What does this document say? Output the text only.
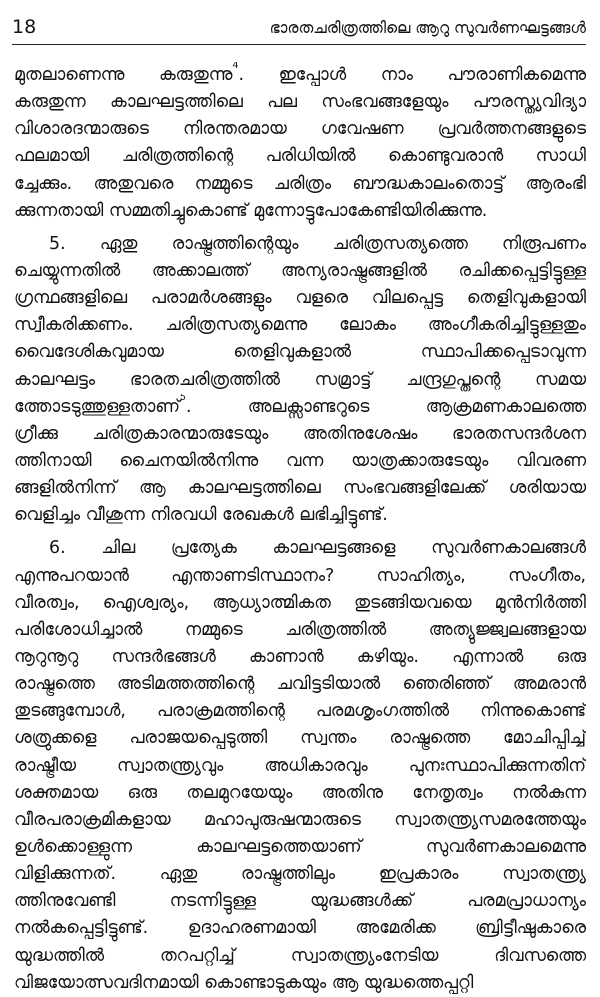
18	ഭാരതചരിത്രത്തിലെ ആറു സുവർണഘട്ടങ്ങൾ
മുതലാണെന്നു കരുതുന്നു$^4$. ഇപ്പോൾ നാം പൗരാണികമെന്നു
കരുതുന്ന കാലഘട്ടത്തിലെ പല സംഭവങ്ങളേയും പൗരസ്ത്യവിദ്യാ
വിശാരദന്മാരുടെ നിരന്തരമായ ഗവേഷണ പ്രവർത്തനങ്ങളുടെ
ഫലമായി ചരിത്രത്തിന്റെ പരിധിയിൽ കൊണ്ടുവരാൻ സാധി
ച്ചേക്കും. അതുവരെ നമ്മുടെ ചരിത്രം ബൗദ്ധകാലംതൊട്ട് ആരംഭി
ക്കുന്നതായി സമ്മതിച്ചുകൊണ്ട് മുന്നോട്ടുപോകേണ്ടിയിരിക്കുന്നു.
5. ഏതു രാഷ്ട്രത്തിന്റെയും ചരിത്രസത്യത്തെ നിരൂപണം
ചെയ്യുന്നതിൽ അക്കാലത്ത് അന്യരാഷ്ട്രങ്ങളിൽ രചിക്കപ്പെട്ടിട്ടുള്ള
ഗ്രന്ഥങ്ങളിലെ പരാമർശങ്ങളും വളരെ വിലപ്പെട്ട തെളിവുകളായി
സ്വീകരിക്കണം. ചരിത്രസത്യമെന്നു ലോകം അംഗീകരിച്ചിട്ടുള്ളതും
വൈദേശികവുമായ	തെളിവുകളാൽ	സ്ഥാപിക്കപ്പെടാവുന്ന
കാലഘട്ടം ഭാരതചരിത്രത്തിൽ സമ്രാട്ട് ചന്ദ്രഗുപ്തന്റെ സമയ
ത്തോടടുത്തുള്ളതാണ്$^5$.	അലക്സാണ്ടറുടെ	ആക്രമണകാലത്തെ
ഗ്രീക്കു ചരിത്രകാരന്മാരുടേയും അതിനുശേഷം ഭാരതസന്ദർശന
ത്തിനായി ചൈനയിൽനിന്നു വന്ന യാത്രക്കാരുടേയും വിവരണ
ങ്ങളിൽനിന്ന് ആ കാലഘട്ടത്തിലെ സംഭവങ്ങളിലേക്ക് ശരിയായ
വെളിച്ചം വീശുന്ന നിരവധി രേഖകൾ ലഭിച്ചിട്ടുണ്ട്.
6. ചില പ്രത്യേക കാലഘട്ടങ്ങളെ സുവർണകാലങ്ങൾ
എന്നുപറയാൻ എന്താണടിസ്ഥാനം? സാഹിത്യം, സംഗീതം,
വീരത്വം, ഐശ്വര്യം, ആധ്യാത്മികത തുടങ്ങിയവയെ മുൻനിർത്തി
പരിശോധിച്ചാൽ നമ്മുടെ ചരിത്രത്തിൽ അത്യുജ്ജ്വലങ്ങളായ
നൂറുനൂറു സന്ദർഭങ്ങൾ കാണാൻ കഴിയും. എന്നാൽ ഒരു
രാഷ്ട്രത്തെ അടിമത്തത്തിന്റെ ചവിട്ടടിയാൽ ഞെരിഞ്ഞ് അമരാൻ
തുടങ്ങുമ്പോൾ, പരാക്രമത്തിന്റെ പരമശൃംഗത്തിൽ നിന്നുകൊണ്ട്
ശത്രുക്കളെ പരാജയപ്പെടുത്തി സ്വന്തം രാഷ്ട്രത്തെ മോചിപ്പിച്ച്
രാഷ്ട്രീയ സ്വാതന്ത്ര്യവും അധികാരവും പുനഃസ്ഥാപിക്കുന്നതിന്
ശക്തമായ ഒരു തലമുറയേയും അതിനു നേതൃത്വം നൽകുന്ന
വീരപരാക്രമികളായ മഹാപുരുഷന്മാരുടെ സ്വാതന്ത്ര്യസമരത്തേയും
ഉൾക്കൊള്ളുന്ന	കാലഘട്ടത്തെയാണ്	സുവർണകാലമെന്നു
വിളിക്കുന്നത്.	ഏതു	രാഷ്ട്രത്തിലും	ഇപ്രകാരം	സ്വാതന്ത്ര്യ
ത്തിനുവേണ്ടി	നടന്നിട്ടുള്ള	യുദ്ധങ്ങൾക്ക്	പരമപ്രാധാന്യം
നൽകപ്പെട്ടിട്ടുണ്ട്. ഉദാഹരണമായി അമേരിക്ക ബ്രിട്ടീഷുകാരെ
യുദ്ധത്തിൽ	തറപറ്റിച്ച്	സ്വാതന്ത്ര്യംനേടിയ	ദിവസത്തെ
വിജയോത്സവദിനമായി കൊണ്ടാടുകയും ആ യുദ്ധത്തെപ്പറ്റി
